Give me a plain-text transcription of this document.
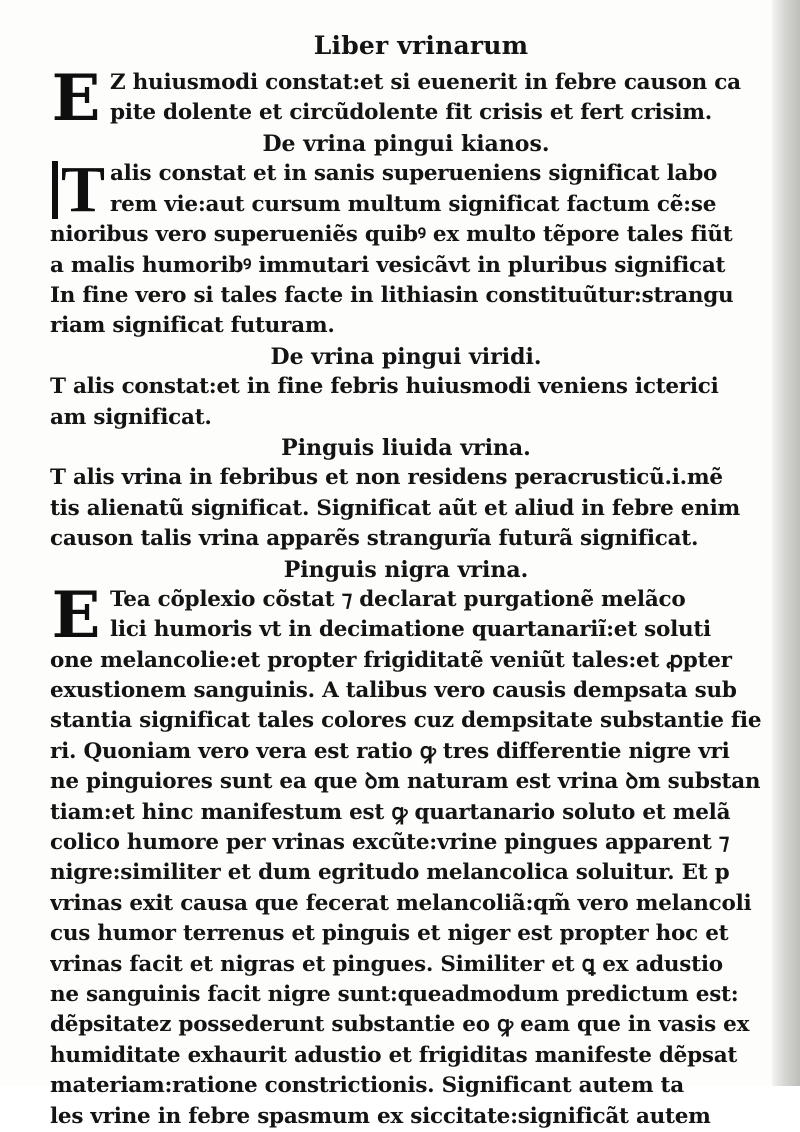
Liber vrinarum
E Z huiusmodi constat:et si euenerit in febre causon ca
pite dolente et circũdolente fit crisis et fert crisim.
De vrina pingui kianos.
T alis constat et in sanis superueniens significat labo
rem vie:aut cursum multum significat factum cẽ:se
nioribus vero superueniẽs quibꝰ ex multo tẽpore tales fiũt
a malis humoribꝰ immutari vesicãvt in pluribus significat
In fine vero si tales facte in lithiasin constituũtur:strangu
riam significat futuram.
De vrina pingui viridi.
T alis constat:et in fine febris huiusmodi veniens icterici
am significat.
Pinguis liuida vrina.
T alis vrina in febribus et non residens peracrusticũ.i.mẽ
tis alienatũ significat. Significat aũt et aliud in febre enim
causon talis vrina apparẽs strangurĩa futurã significat.
Pinguis nigra vrina.
E Tea cõplexio cõstat ⁊ declarat purgationẽ melãco
lici humoris vt in decimatione quartanariĩ:et soluti
one melancolie:et propter frigiditatẽ veniũt tales:et ꝓpter
exustionem sanguinis. A talibus vero causis dempsata sub
stantia significat tales colores cuz dempsitate substantie fie
ri. Quoniam vero vera est ratio ꝙ tres differentie nigre vri
ne pinguiores sunt ea que ꝺm naturam est vrina ꝺm substan
tiam:et hinc manifestum est ꝙ quartanario soluto et melã
colico humore per vrinas excũte:vrine pingues apparent ⁊
nigre:similiter et dum egritudo melancolica soluitur. Et p
vrinas exit causa que fecerat melancoliã:qm̃ vero melancoli
cus humor terrenus et pinguis et niger est propter hoc et
vrinas facit et nigras et pingues. Similiter et ꝗ ex adustio
ne sanguinis facit nigre sunt:queadmodum predictum est:
dẽpsitatez possederunt substantie eo ꝙ eam que in vasis ex
humiditate exhaurit adustio et frigiditas manifeste dẽpsat
materiam:ratione constrictionis. Significant autem ta
les vrine in febre spasmum ex siccitate:significãt autem
